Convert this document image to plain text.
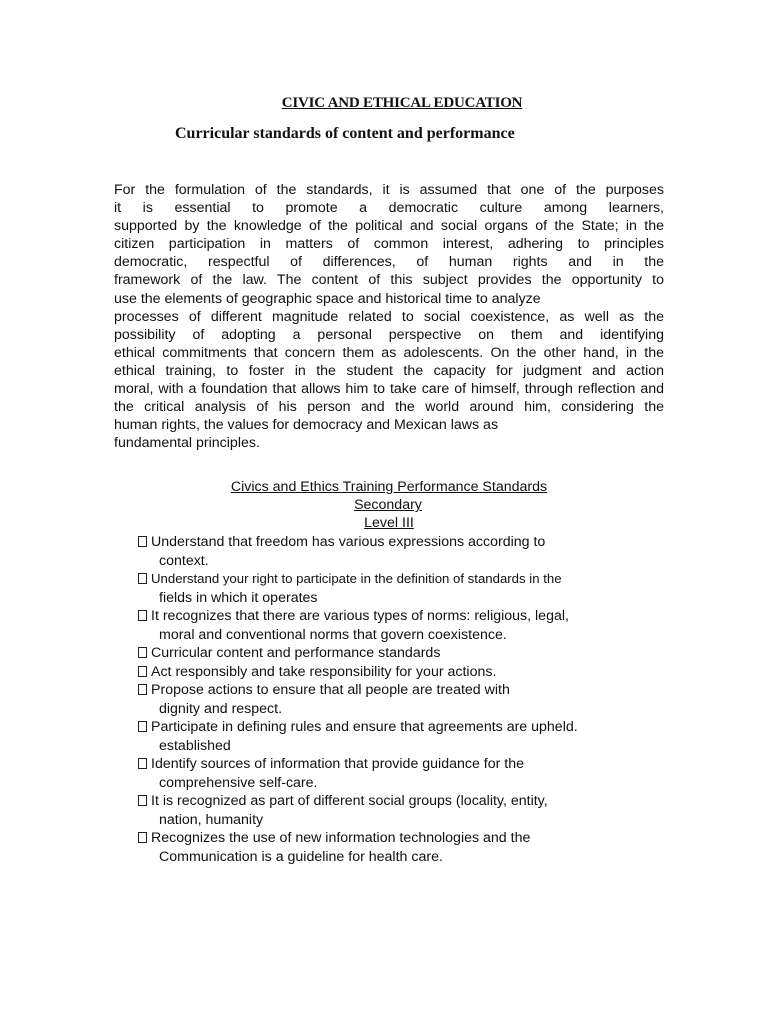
CIVIC AND ETHICAL EDUCATION
Curricular standards of content and performance
For the formulation of the standards, it is assumed that one of the purposes
it is essential to promote a democratic culture among learners,
supported by the knowledge of the political and social organs of the State; in the
citizen participation in matters of common interest, adhering to principles
democratic, respectful of differences, of human rights and in the
framework of the law. The content of this subject provides the opportunity to
use the elements of geographic space and historical time to analyze
processes of different magnitude related to social coexistence, as well as the
possibility of adopting a personal perspective on them and identifying
ethical commitments that concern them as adolescents. On the other hand, in the
ethical training, to foster in the student the capacity for judgment and action
moral, with a foundation that allows him to take care of himself, through reflection and
the critical analysis of his person and the world around him, considering the
human rights, the values for democracy and Mexican laws as
fundamental principles.
Civics and Ethics Training Performance Standards
Secondary
Level III
Understand that freedom has various expressions according to
context.
Understand your right to participate in the definition of standards in the
fields in which it operates
It recognizes that there are various types of norms: religious, legal,
moral and conventional norms that govern coexistence.
Curricular content and performance standards
Act responsibly and take responsibility for your actions.
Propose actions to ensure that all people are treated with
dignity and respect.
Participate in defining rules and ensure that agreements are upheld.
established
Identify sources of information that provide guidance for the
comprehensive self-care.
It is recognized as part of different social groups (locality, entity,
nation, humanity
Recognizes the use of new information technologies and the
Communication is a guideline for health care.
